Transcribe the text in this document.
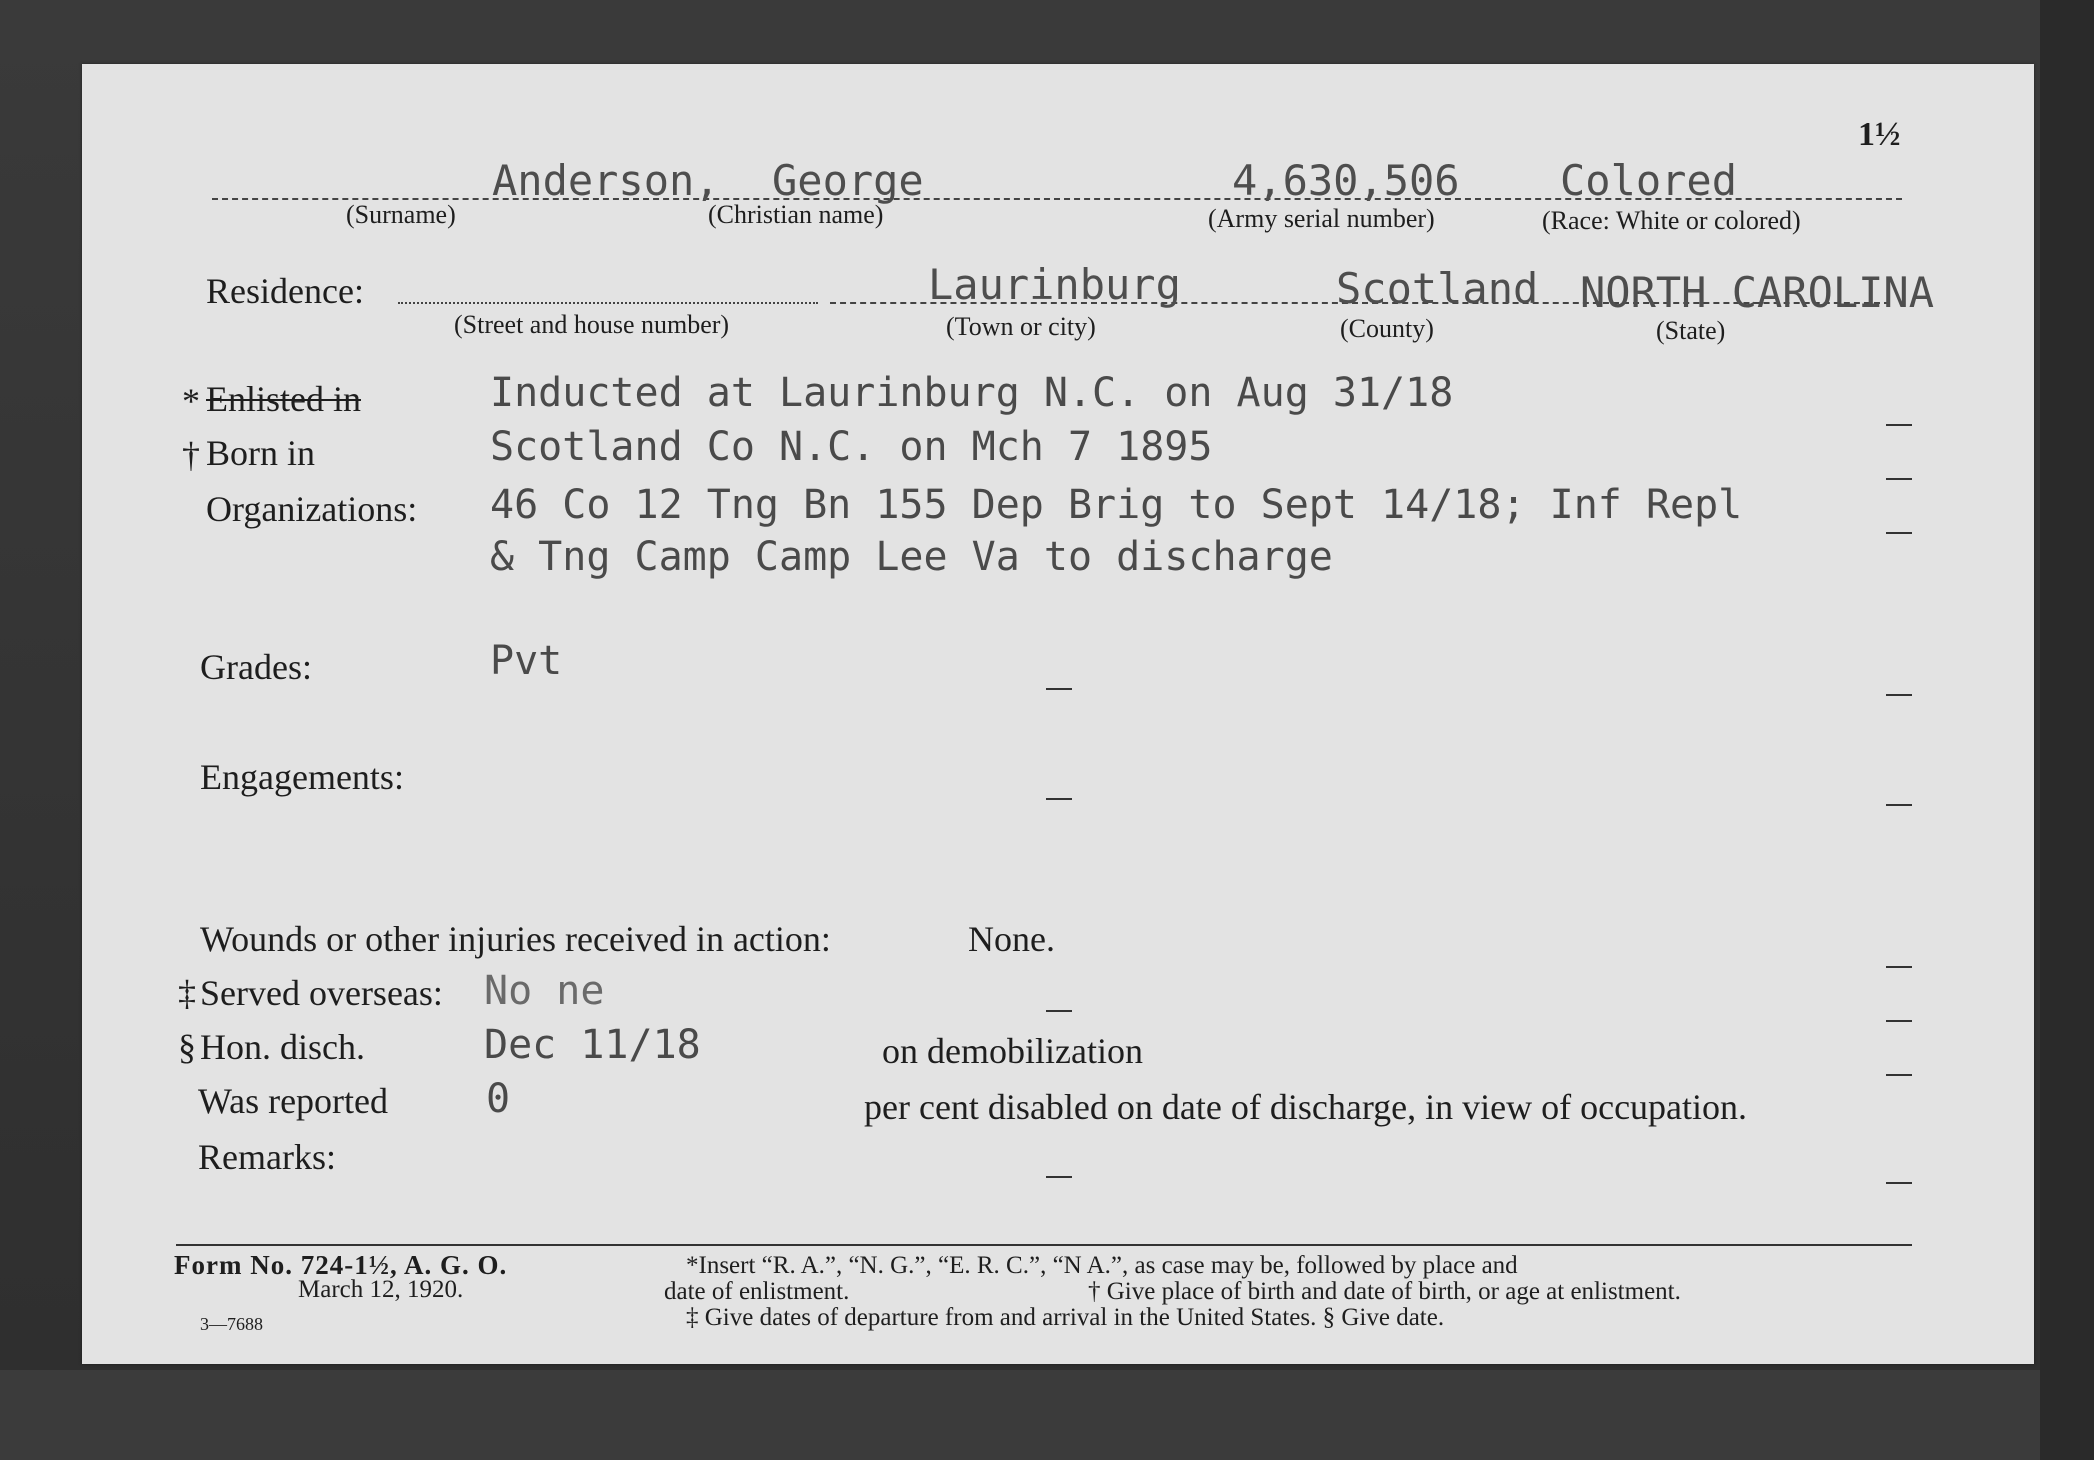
1½
Anderson, George	4,630,506 Colored
(Surname)	(Christian name)	(Army serial number)	(Race: White or colored)
Residence:	Laurinburg	Scotland NORTH CAROLINA
(Street and house number)	(Town or city)	(County)	(State)
* Enlisted in	Inducted at Laurinburg N.C. on Aug 31/18
† Born in	Scotland Co N.C. on Mch 7 1895
Organizations: 46 Co 12 Tng Bn 155 Dep Brig to Sept 14/18; Inf Repl
& Tng Camp Camp Lee Va to discharge
Grades:	Pvt
Engagements:
Wounds or other injuries received in action:	None.
‡ Served overseas: No ne
§ Hon. disch.	Dec 11/18	on demobilization
Was reported 0	per cent disabled on date of discharge, in view of occupation.
Remarks:
Form No. 724-1½, A. G. O.
March 12, 1920.
3—7688
*Insert “R. A.”, “N. G.”, “E. R. C.”, “N A.”, as case may be, followed by place and
date of enlistment.	† Give place of birth and date of birth, or age at enlistment.
‡ Give dates of departure from and arrival in the United States. § Give date.
